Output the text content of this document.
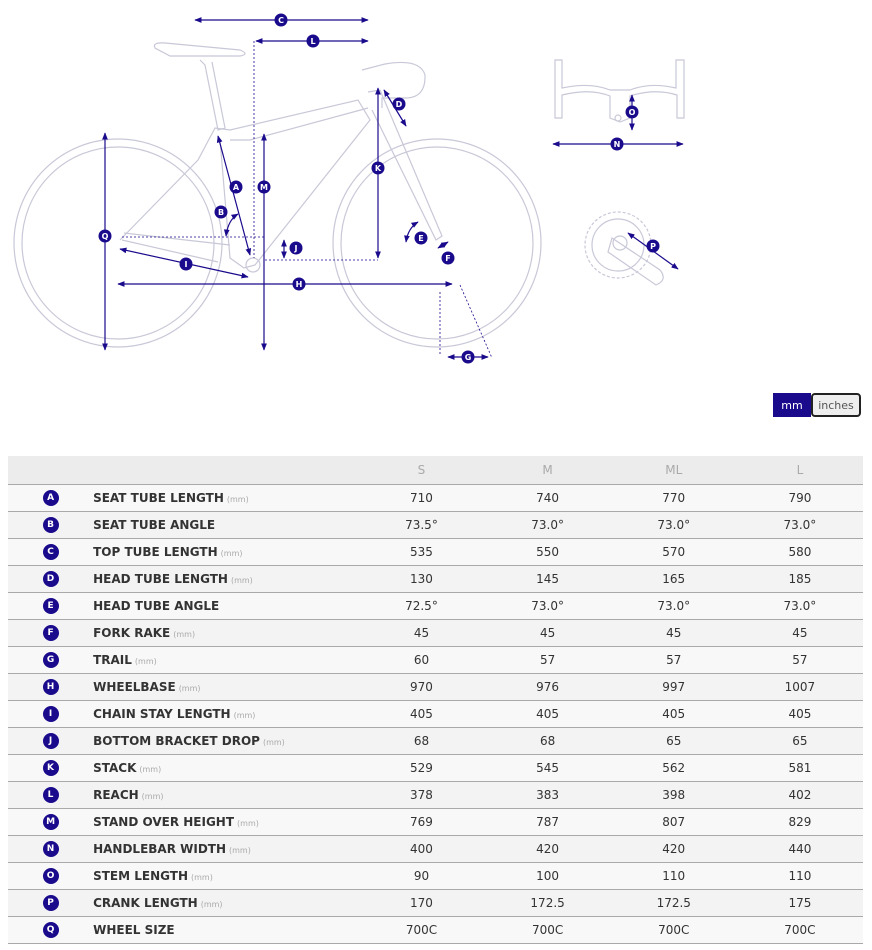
A
B
C
D
E
F
G
H
I
J
K
L
M
N
O
P
Q
mm	inches
		S	M	ML	L
A	SEAT TUBE LENGTH (mm)	710	740	770	790
B	SEAT TUBE ANGLE	73.5°	73.0°	73.0°	73.0°
C	TOP TUBE LENGTH (mm)	535	550	570	580
D	HEAD TUBE LENGTH (mm)	130	145	165	185
E	HEAD TUBE ANGLE	72.5°	73.0°	73.0°	73.0°
F	FORK RAKE (mm)	45	45	45	45
G	TRAIL (mm)	60	57	57	57
H	WHEELBASE (mm)	970	976	997	1007
I	CHAIN STAY LENGTH (mm)	405	405	405	405
J	BOTTOM BRACKET DROP (mm)	68	68	65	65
K	STACK (mm)	529	545	562	581
L	REACH (mm)	378	383	398	402
M	STAND OVER HEIGHT (mm)	769	787	807	829
N	HANDLEBAR WIDTH (mm)	400	420	420	440
O	STEM LENGTH (mm)	90	100	110	110
P	CRANK LENGTH (mm)	170	172.5	172.5	175
Q	WHEEL SIZE	700C	700C	700C	700C
